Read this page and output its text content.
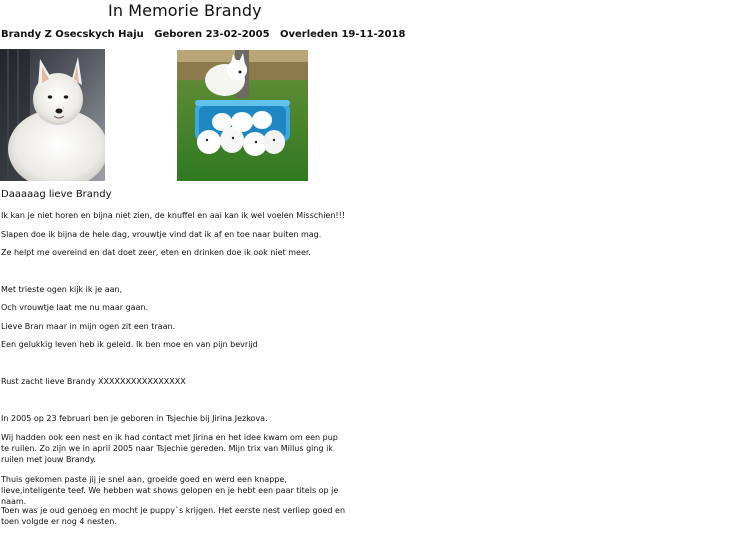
In Memorie Brandy
Brandy Z Osecskych Haju   Geboren 23-02-2005   Overleden 19-11-2018
Daaaaag lieve Brandy
Ik kan je niet horen en bijna niet zien, de knuffel en aai kan ik wel voelen Misschien!!!
Slapen doe ik bijna de hele dag, vrouwtje vind dat ik af en toe naar buiten mag.
Ze helpt me overeind en dat doet zeer, eten en drinken doe ik ook niet meer.
Met trieste ogen kijk ik je aan,
Och vrouwtje laat me nu maar gaan.
Lieve Bran maar in mijn ogen zit een traan.
Een gelukkig leven heb ik geleid. Ik ben moe en van pijn bevrijd
Rust zacht lieve Brandy XXXXXXXXXXXXXXXX
In 2005 op 23 februari ben je geboren in Tsjechie bij Jirina Jezkova.
Wij hadden ook een nest en ik had contact met Jirina en het idee kwam om een pup te ruilen. Zo zijn we in april 2005 naar Tsjechie gereden. Mijn trix van Millus ging ik ruilen met jouw Brandy.
Thuis gekomen paste jij je snel aan, groeide goed en werd een knappe, lieve,inteligente teef. We hebben wat shows gelopen en je hebt een paar titels op je naam.
Toen was je oud genoeg en mocht je puppy`s krijgen. Het eerste nest verliep goed en toen volgde er nog 4 nesten.
